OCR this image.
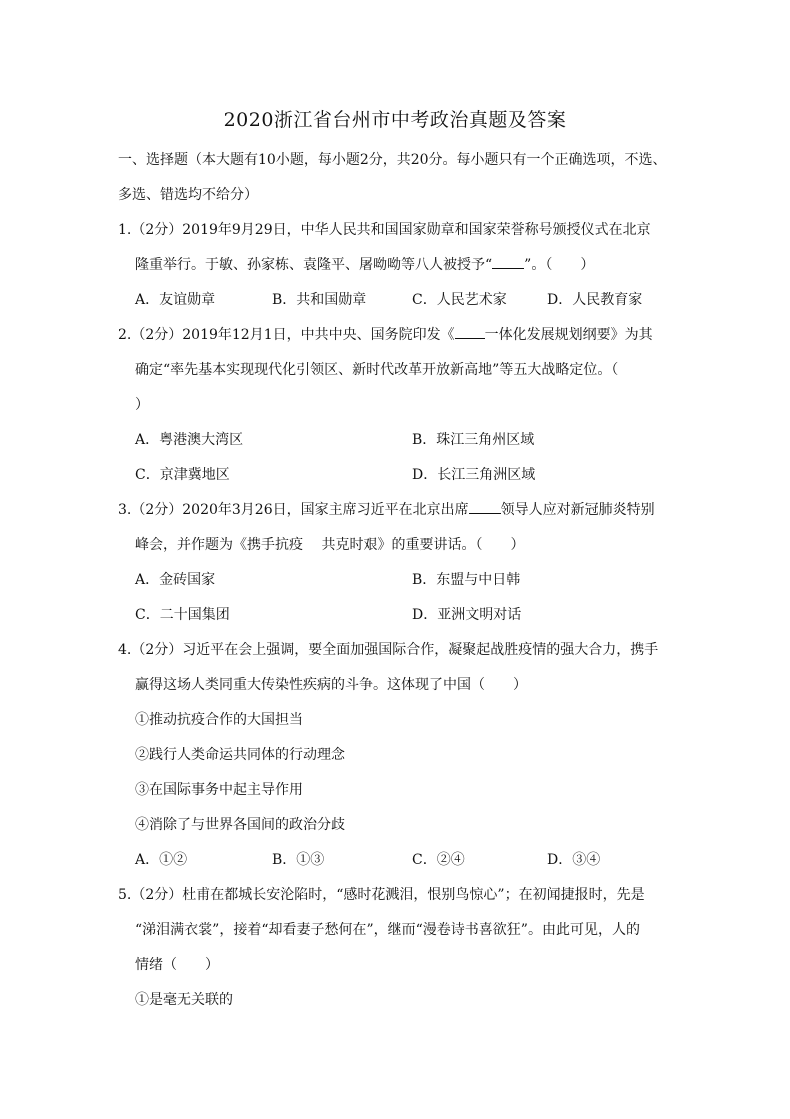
2020浙江省台州市中考政治真题及答案
一、选择题（本大题有10小题，每小题2分，共20分。每小题只有一个正确选项，不选、
多选、错选均不给分）
1.（2分）2019年9月29日，中华人民共和国国家勋章和国家荣誉称号颁授仪式在北京
隆重举行。于敏、孙家栋、袁隆平、屠呦呦等八人被授予“ ”。（　　）
A．友谊勋章	B．共和国勋章	C．人民艺术家	D．人民教育家
2.（2分）2019年12月1日，中共中央、国务院印发《 一体化发展规划纲要》为其
确定“率先基本实现现代化引领区、新时代改革开放新高地”等五大战略定位。（
）
A．粤港澳大湾区	B．珠江三角州区域
C．京津冀地区	D．长江三角洲区域
3.（2分）2020年3月26日，国家主席习近平在北京出席 领导人应对新冠肺炎特别
峰会，并作题为《携手抗疫　 共克时艰》的重要讲话。（　　）
A．金砖国家	B．东盟与中日韩
C．二十国集团	D．亚洲文明对话
4.（2分）习近平在会上强调，要全面加强国际合作，凝聚起战胜疫情的强大合力，携手
赢得这场人类同重大传染性疾病的斗争。这体现了中国（　　）
①推动抗疫合作的大国担当
②践行人类命运共同体的行动理念
③在国际事务中起主导作用
④消除了与世界各国间的政治分歧
A．①②	B．①③	C．②④	D．③④
5.（2分）杜甫在都城长安沦陷时，“感时花溅泪，恨别鸟惊心”；在初闻捷报时，先是
“涕泪满衣裳”，接着“却看妻子愁何在”，继而“漫卷诗书喜欲狂”。由此可见，人的
情绪（　　）
①是毫无关联的
